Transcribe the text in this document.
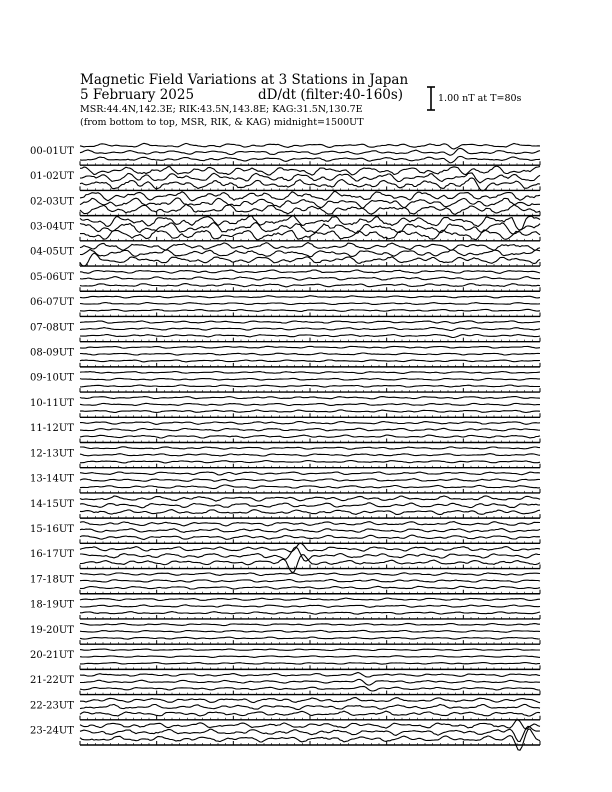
Magnetic Field Variations at 3 Stations in Japan
5 February 2025	dD/dt (filter:40-160s)
MSR:44.4N,142.3E; RIK:43.5N,143.8E; KAG:31.5N,130.7E
(from bottom to top, MSR, RIK, & KAG) midnight=1500UT
1.00 nT at T=80s
00-01UT
01-02UT
02-03UT
03-04UT
04-05UT
05-06UT
06-07UT
07-08UT
08-09UT
09-10UT
10-11UT
11-12UT
12-13UT
13-14UT
14-15UT
15-16UT
16-17UT
17-18UT
18-19UT
19-20UT
20-21UT
21-22UT
22-23UT
23-24UT
